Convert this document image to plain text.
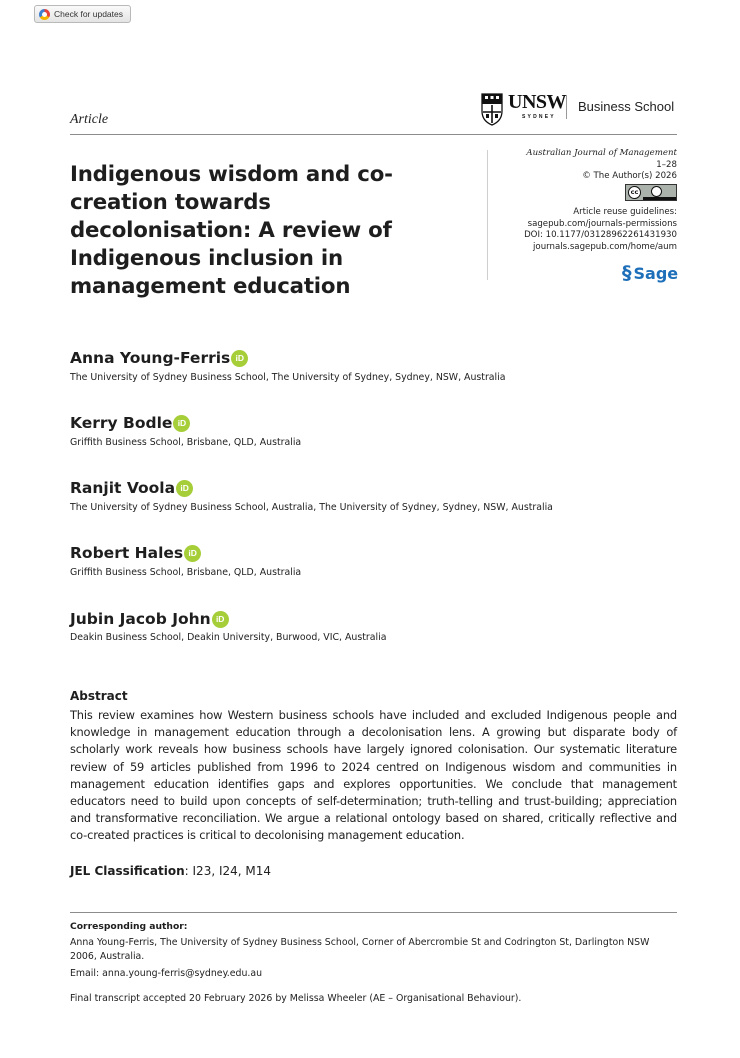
Check for updates
Article
UNSW
SYDNEY
Business School
Indigenous wisdom and co-creation towards decolonisation: A review of Indigenous inclusion in management education
Australian Journal of Management
1–28
© The Author(s) 2026
cc
Article reuse guidelines:
sagepub.com/journals-permissions
DOI: 10.1177/03128962261431930
journals.sagepub.com/home/aum
§ Sage
Anna Young-Ferris iD
The University of Sydney Business School, The University of Sydney, Sydney, NSW, Australia
Kerry Bodle iD
Griffith Business School, Brisbane, QLD, Australia
Ranjit Voola iD
The University of Sydney Business School, Australia, The University of Sydney, Sydney, NSW, Australia
Robert Hales iD
Griffith Business School, Brisbane, QLD, Australia
Jubin Jacob John iD
Deakin Business School, Deakin University, Burwood, VIC, Australia
Abstract
This review examines how Western business schools have included and excluded Indigenous people and knowledge in management education through a decolonisation lens. A growing but disparate body of scholarly work reveals how business schools have largely ignored colonisation. Our systematic literature review of 59 articles published from 1996 to 2024 centred on Indigenous wisdom and communities in management education identifies gaps and explores opportunities. We conclude that management educators need to build upon concepts of self-determination; truth-telling and trust-building; appreciation and transformative reconciliation. We argue a relational ontology based on shared, critically reflective and co-created practices is critical to decolonising management education.
JEL Classification: I23, I24, M14
Corresponding author:
Anna Young-Ferris, The University of Sydney Business School, Corner of Abercrombie St and Codrington St, Darlington NSW 2006, Australia.
Email: anna.young-ferris@sydney.edu.au
Final transcript accepted 20 February 2026 by Melissa Wheeler (AE – Organisational Behaviour).
